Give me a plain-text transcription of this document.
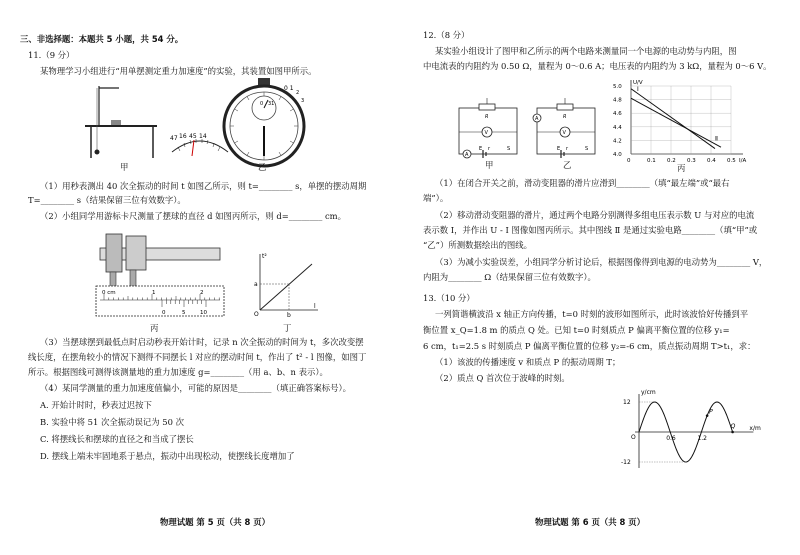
三、非选择题：本题共 5 小题，共 54 分。
11.（9 分）
某物理学习小组进行“用单摆测定重力加速度”的实验，其装置如图甲所示。
甲
0 31
0 1
2
3
47 16 45 14
乙
（1）用秒表测出 40 次全振动的时间 t 如图乙所示，则 t=________ s，单摆的摆动周期
T=________ s（结果保留三位有效数字）。
（2）小组同学用游标卡尺测量了摆球的直径 d 如图丙所示，则 d=________ cm。
0 cm	1	2
0	5	10
丙
t²
l
a
b
O
丁
（3）当摆球摆到最低点时启动秒表开始计时，记录 n 次全振动的时间为 t，多次改变摆
线长度，在摆角较小的情况下测得不同摆长 l 对应的摆动时间 t，作出了 t² - l 图像，如图丁
所示。根据图线可测得该测量地的重力加速度 g=________（用 a、b、n 表示）。
（4）某同学测量的重力加速度值偏小，可能的原因是________（填正确答案标号）。
A. 开始计时时，秒表过迟按下
B. 实验中将 51 次全振动误记为 50 次
C. 将摆线长和摆球的直径之和当成了摆长
D. 摆线上端未牢固地系于悬点，振动中出现松动，使摆线长度增加了
物理试题 第 5 页（共 8 页）
12.（8 分）
某实验小组设计了图甲和乙所示的两个电路来测量同一个电源的电动势与内阻，图
中电流表的内阻约为 0.50 Ω，量程为 0～0.6 A；电压表的内阻约为 3 kΩ，量程为 0～6 V。
R
V
A
E r	S
甲
R
A
V
E r	S
乙
5.0
4.8
4.6
4.4
4.2
4.0
0	0.1 0.2 0.3 0.4 0.5
U/V
I/A
Ⅰ
Ⅱ
丙
（1）在闭合开关之前，滑动变阻器的滑片应滑到________（填“最左端”或“最右
端”）。
（2）移动滑动变阻器的滑片，通过两个电路分别测得多组电压表示数 U 与对应的电流
表示数 I，并作出 U - I 图像如图丙所示。其中图线 Ⅱ 是通过实验电路________（填“甲”或
“乙”）所测数据绘出的图线。
（3）为减小实验误差，小组同学分析讨论后，根据图像得到电源的电动势为________ V，
内阻为________ Ω（结果保留三位有效数字）。
13.（10 分）
一列简谐横波沿 x 轴正方向传播，t=0 时刻的波形如图所示，此时该波恰好传播到平
衡位置 x_Q=1.8 m 的质点 Q 处。已知 t=0 时刻质点 P 偏离平衡位置的位移 y₁=
6 cm，t₁=2.5 s 时刻质点 P 偏离平衡位置的位移 y₂=-6 cm，质点振动周期 T>t₁，求：
（1）该波的传播速度 v 和质点 P 的振动周期 T；
（2）质点 Q 首次位于波峰的时刻。
12
-12
O	0.6	1.2
y/cm
x/m
P
Q
物理试题 第 6 页（共 8 页）
